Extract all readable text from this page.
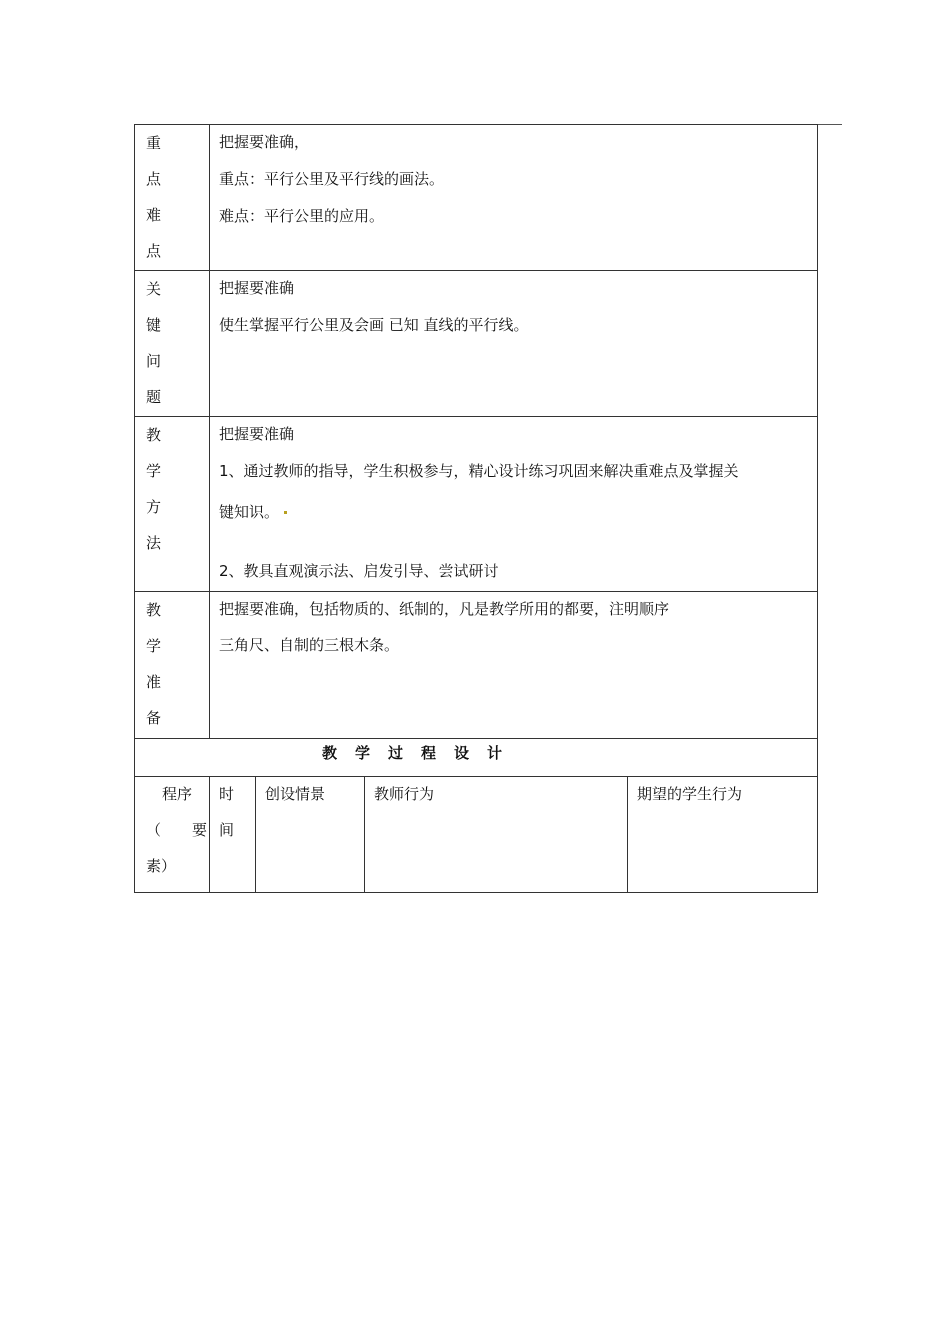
重
点
难
点

把握要准确，

重点：平行公里及平行线的画法。

难点：平行公里的应用。

关
键
问
题

把握要准确

使生掌握平行公里及会画 已知 直线的平行线。

教
学
方
法

把握要准确

1、通过教师的指导，学生积极参与，精心设计练习巩固来解决重难点及掌握关

键知识。

2、教具直观演示法、启发引导、尝试研讨

教
学
准
备

把握要准确，包括物质的、纸制的，凡是教学所用的都要，注明顺序

三角尺、自制的三根木条。

教学过程设计
程序
（ 要
素）
时
间

创设情景	教师行为	期望的学生行为
